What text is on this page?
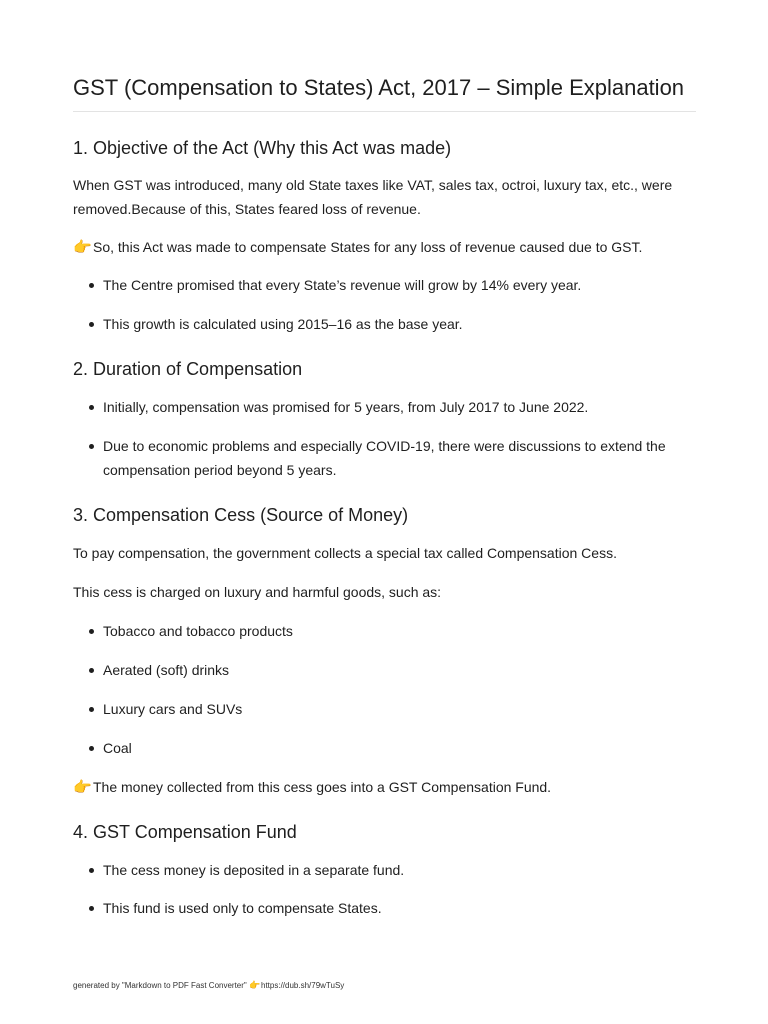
GST (Compensation to States) Act, 2017 – Simple Explanation
1. Objective of the Act (Why this Act was made)

When GST was introduced, many old State taxes like VAT, sales tax, octroi, luxury tax, etc., were removed.Because of this, States feared loss of revenue.

👉So, this Act was made to compensate States for any loss of revenue caused due to GST.

The Centre promised that every State’s revenue will grow by 14% every year.
This growth is calculated using 2015–16 as the base year.
2. Duration of Compensation
Initially, compensation was promised for 5 years, from July 2017 to June 2022.
Due to economic problems and especially COVID-19, there were discussions to extend the compensation period beyond 5 years.
3. Compensation Cess (Source of Money)

To pay compensation, the government collects a special tax called Compensation Cess.

This cess is charged on luxury and harmful goods, such as:

Tobacco and tobacco products
Aerated (soft) drinks
Luxury cars and SUVs
Coal

👉The money collected from this cess goes into a GST Compensation Fund.

4. GST Compensation Fund
The cess money is deposited in a separate fund.
This fund is used only to compensate States.
generated by "Markdown to PDF Fast Converter" 👉https://dub.sh/79wTuSy
